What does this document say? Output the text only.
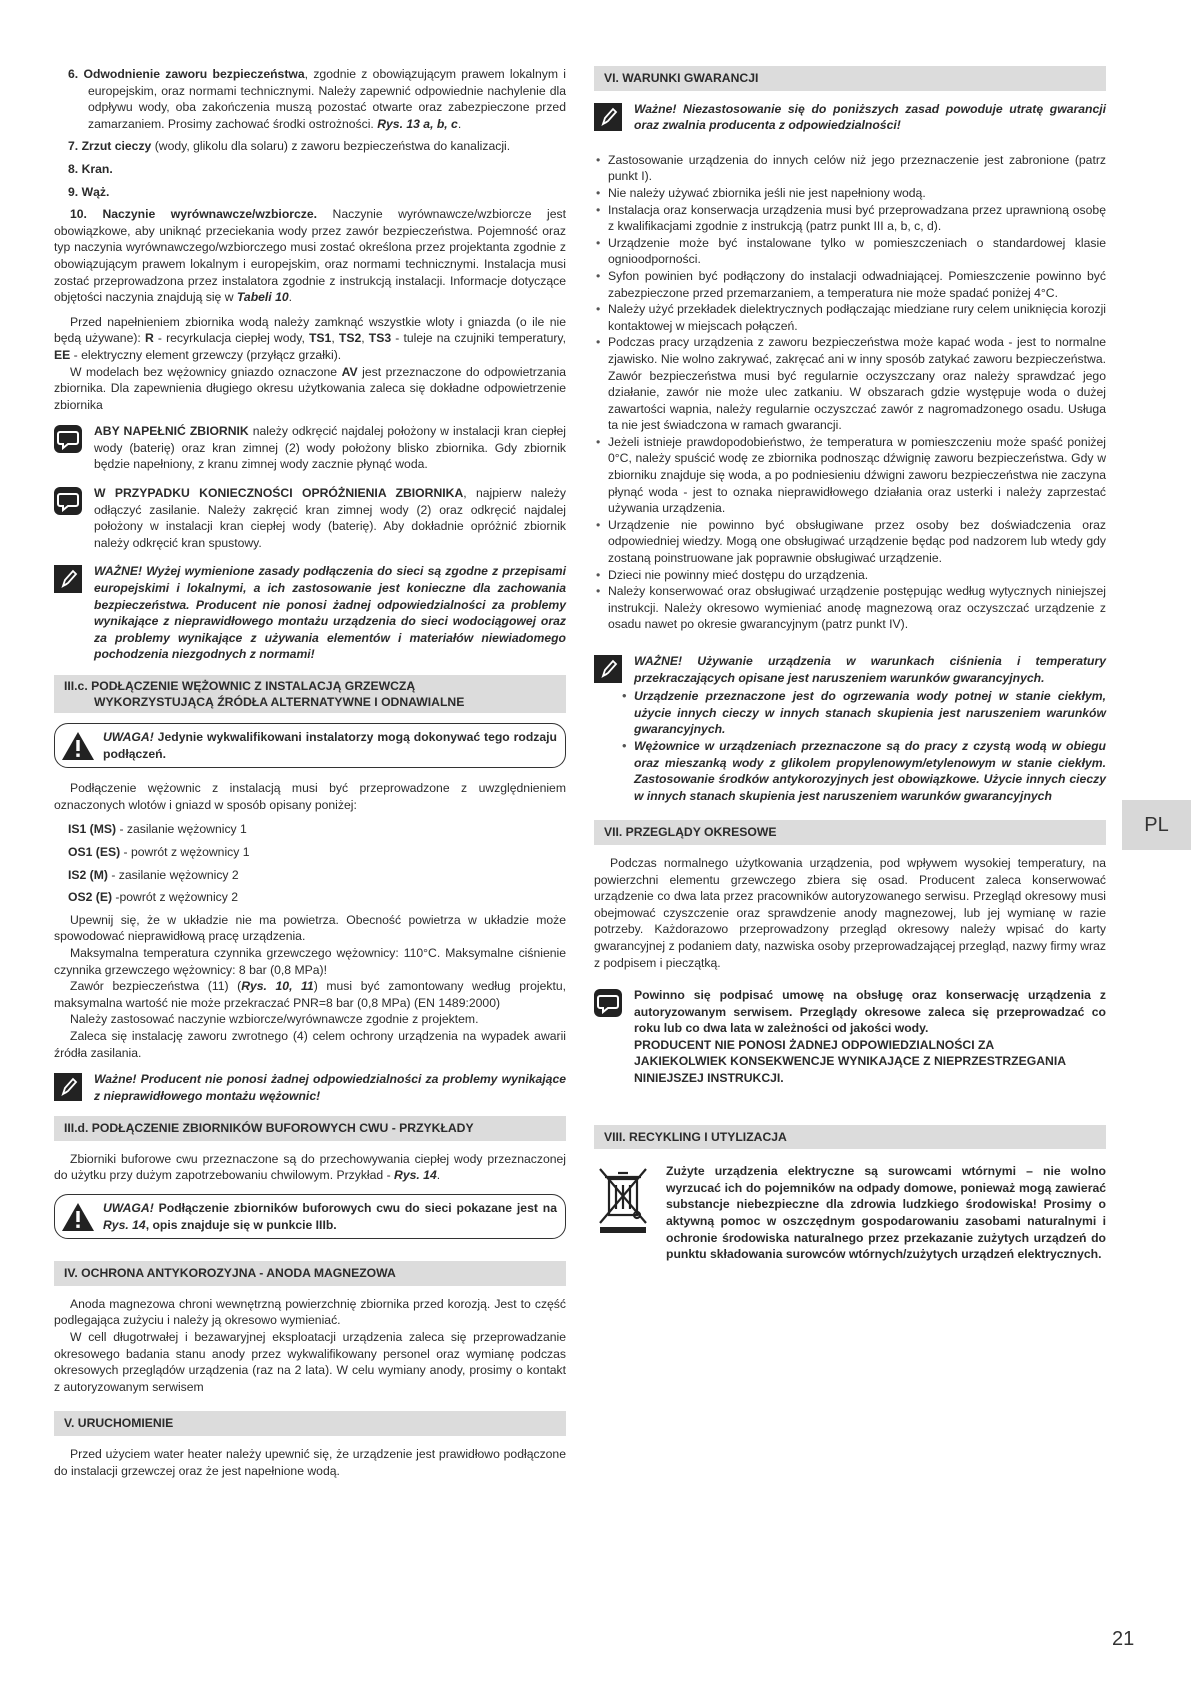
6. Odwodnienie zaworu bezpieczeństwa, zgodnie z obowiązującym prawem lokalnym i europejskim, oraz normami technicznymi. Należy zapewnić odpowiednie nachylenie dla odpływu wody, oba zakończenia muszą pozostać otwarte oraz zabezpieczone przed zamarzaniem. Prosimy zachować środki ostrożności. Rys. 13 a, b, c.

7. Zrzut cieczy (wody, glikolu dla solaru) z zaworu bezpieczeństwa do kanalizacji.

8. Kran.

9. Wąż.

10. Naczynie wyrównawcze/wzbiorcze. Naczynie wyrównawcze/wzbiorcze jest obowiązkowe, aby uniknąć przeciekania wody przez zawór bezpieczeństwa. Pojemność oraz typ naczynia wyrównawczego/wzbiorczego musi zostać określona przez projektanta zgodnie z obowiązującym prawem lokalnym i europejskim, oraz normami technicznymi. Instalacja musi zostać przeprowadzona przez instalatora zgodnie z instrukcją instalacji. Informacje dotyczące objętości naczynia znajdują się w Tabeli 10.

Przed napełnieniem zbiornika wodą należy zamknąć wszystkie wloty i gniazda (o ile nie będą używane): R - recyrkulacja ciepłej wody, TS1, TS2, TS3 - tuleje na czujniki temperatury, EE - elektryczny element grzewczy (przyłącz grzałki).

W modelach bez wężownicy gniazdo oznaczone AV jest przeznaczone do odpowietrzania zbiornika. Dla zapewnienia długiego okresu użytkowania zaleca się dokładne odpowietrzenie zbiornika

ABY NAPEŁNIĆ ZBIORNIK należy odkręcić najdalej położony w instalacji kran ciepłej wody (baterię) oraz kran zimnej (2) wody położony blisko zbiornika. Gdy zbiornik będzie napełniony, z kranu zimnej wody zacznie płynąć woda.

W PRZYPADKU KONIECZNOŚCI OPRÓŻNIENIA ZBIORNIKA, najpierw należy odłączyć zasilanie. Należy zakręcić kran zimnej wody (2) oraz odkręcić najdalej położony w instalacji kran ciepłej wody (baterię). Aby dokładnie opróżnić zbiornik należy odkręcić kran spustowy.

WAŻNE! Wyżej wymienione zasady podłączenia do sieci są zgodne z przepisami europejskimi i lokalnymi, a ich zastosowanie jest konieczne dla zachowania bezpieczeństwa. Producent nie ponosi żadnej odpowiedzialności za problemy wynikające z nieprawidłowego montażu urządzenia do sieci wodociągowej oraz za problemy wynikające z używania elementów i materiałów niewiadomego pochodzenia niezgodnych z normami!

III.c. PODŁĄCZENIE WĘŻOWNIC Z INSTALACJĄ GRZEWCZĄ
WYKORZYSTUJĄCĄ ŹRÓDŁA ALTERNATYWNE I ODNAWIALNE

UWAGA! Jedynie wykwalifikowani instalatorzy mogą dokonywać tego rodzaju podłączeń.

Podłączenie wężownic z instalacją musi być przeprowadzone z uwzględnieniem oznaczonych wlotów i gniazd w sposób opisany poniżej:

IS1 (MS) - zasilanie wężownicy 1

OS1 (ES) - powrót z wężownicy 1

IS2 (M) - zasilanie wężownicy 2

OS2 (E) -powrót z wężownicy 2

Upewnij się, że w układzie nie ma powietrza. Obecność powietrza w układzie może spowodować nieprawidłową pracę urządzenia.

Maksymalna temperatura czynnika grzewczego wężownicy: 110°C. Maksymalne ciśnienie czynnika grzewczego wężownicy: 8 bar (0,8 MPa)!

Zawór bezpieczeństwa (11) (Rys. 10, 11) musi być zamontowany według projektu, maksymalna wartość nie może przekraczać PNR=8 bar (0,8 MPa) (EN 1489:2000)

Należy zastosować naczynie wzbiorcze/wyrównawcze zgodnie z projektem.

Zaleca się instalację zaworu zwrotnego (4) celem ochrony urządzenia na wypadek awarii źródła zasilania.

Ważne! Producent nie ponosi żadnej odpowiedzialności za problemy wynikające z nieprawidłowego montażu wężownic!

III.d. PODŁĄCZENIE ZBIORNIKÓW BUFOROWYCH CWU - PRZYKŁADY

Zbiorniki buforowe cwu przeznaczone są do przechowywania ciepłej wody przeznaczonej do użytku przy dużym zapotrzebowaniu chwilowym. Przykład - Rys. 14.

UWAGA! Podłączenie zbiorników buforowych cwu do sieci pokazane jest na Rys. 14, opis znajduje się w punkcie IIIb.

IV. OCHRONA ANTYKOROZYJNA - ANODA MAGNEZOWA

Anoda magnezowa chroni wewnętrzną powierzchnię zbiornika przed korozją. Jest to część podlegająca zużyciu i należy ją okresowo wymieniać.

W cell długotrwałej i bezawaryjnej eksploatacji urządzenia zaleca się przeprowadzanie okresowego badania stanu anody przez wykwalifikowany personel oraz wymianę podczas okresowych przeglądów urządzenia (raz na 2 lata). W celu wymiany anody, prosimy o kontakt z autoryzowanym serwisem

V. URUCHOMIENIE

Przed użyciem water heater należy upewnić się, że urządzenie jest prawidłowo podłączone do instalacji grzewczej oraz że jest napełnione wodą.

VI. WARUNKI GWARANCJI

Ważne! Niezastosowanie się do poniższych zasad powoduje utratę gwarancji oraz zwalnia producenta z odpowiedzialności!

• Zastosowanie urządzenia do innych celów niż jego przeznaczenie jest zabronione (patrz punkt I).

• Nie należy używać zbiornika jeśli nie jest napełniony wodą.

• Instalacja oraz konserwacja urządzenia musi być przeprowadzana przez uprawnioną osobę z kwalifikacjami zgodnie z instrukcją (patrz punkt III a, b, c, d).

• Urządzenie może być instalowane tylko w pomieszczeniach o standardowej klasie ognioodporności.

• Syfon powinien być podłączony do instalacji odwadniającej. Pomieszczenie powinno być zabezpieczone przed przemarzaniem, a temperatura nie może spadać poniżej 4°C.

• Należy użyć przekładek dielektrycznych podłączając miedziane rury celem uniknięcia korozji kontaktowej w miejscach połączeń.

• Podczas pracy urządzenia z zaworu bezpieczeństwa może kapać woda - jest to normalne zjawisko. Nie wolno zakrywać, zakręcać ani w inny sposób zatykać zaworu bezpieczeństwa. Zawór bezpieczeństwa musi być regularnie oczyszczany oraz należy sprawdzać jego działanie, zawór nie może ulec zatkaniu. W obszarach gdzie występuje woda o dużej zawartości wapnia, należy regularnie oczyszczać zawór z nagromadzonego osadu. Usługa ta nie jest świadczona w ramach gwarancji.

• Jeżeli istnieje prawdopodobieństwo, że temperatura w pomieszczeniu może spaść poniżej 0°C, należy spuścić wodę ze zbiornika podnosząc dźwignię zaworu bezpieczeństwa. Gdy w zbiorniku znajduje się woda, a po podniesieniu dźwigni zaworu bezpieczeństwa nie zaczyna płynąć woda - jest to oznaka nieprawidłowego działania oraz usterki i należy zaprzestać używania urządzenia.

• Urządzenie nie powinno być obsługiwane przez osoby bez doświadczenia oraz odpowiedniej wiedzy. Mogą one obsługiwać urządzenie będąc pod nadzorem lub wtedy gdy zostaną poinstruowane jak poprawnie obsługiwać urządzenie.

• Dzieci nie powinny mieć dostępu do urządzenia.

• Należy konserwować oraz obsługiwać urządzenie postępując według wytycznych niniejszej instrukcji. Należy okresowo wymieniać anodę magnezową oraz oczyszczać urządzenie z osadu nawet po okresie gwarancyjnym (patrz punkt IV).

WAŻNE! Używanie urządzenia w warunkach ciśnienia i temperatury przekraczających opisane jest naruszeniem warunków gwarancyjnych.

• Urządzenie przeznaczone jest do ogrzewania wody potnej w stanie ciekłym, użycie innych cieczy w innych stanach skupienia jest naruszeniem warunków gwarancyjnych.

• Wężownice w urządzeniach przeznaczone są do pracy z czystą wodą w obiegu oraz mieszanką wody z glikolem propylenowym/etylenowym w stanie ciekłym. Zastosowanie środków antykorozyjnych jest obowiązkowe. Użycie innych cieczy w innych stanach skupienia jest naruszeniem warunków gwarancyjnych

VII. PRZEGLĄDY OKRESOWE

Podczas normalnego użytkowania urządzenia, pod wpływem wysokiej temperatury, na powierzchni elementu grzewczego zbiera się osad. Producent zaleca konserwować urządzenie co dwa lata przez pracowników autoryzowanego serwisu. Przegląd okresowy musi obejmować czyszczenie oraz sprawdzenie anody magnezowej, lub jej wymianę w razie potrzeby. Każdorazowo przeprowadzony przegląd okresowy należy wpisać do karty gwarancyjnej z podaniem daty, nazwiska osoby przeprowadzającej przegląd, nazwy firmy wraz z podpisem i pieczątką.

Powinno się podpisać umowę na obsługę oraz konserwację urządzenia z autoryzowanym serwisem. Przeglądy okresowe zaleca się przeprowadzać co roku lub co dwa lata w zależności od jakości wody.

PRODUCENT NIE PONOSI ŻADNEJ ODPOWIEDZIALNOŚCI ZA JAKIEKOLWIEK KONSEKWENCJE WYNIKAJĄCE Z NIEPRZESTRZEGANIA NINIEJSZEJ INSTRUKCJI.

VIII. RECYKLING I UTYLIZACJA

Zużyte urządzenia elektryczne są surowcami wtórnymi – nie wolno wyrzucać ich do pojemników na odpady domowe, ponieważ mogą zawierać substancje niebezpieczne dla zdrowia ludzkiego środowiska! Prosimy o aktywną pomoc w oszczędnym gospodarowaniu zasobami naturalnymi i ochronie środowiska naturalnego przez przekazanie zużytych urządzeń do punktu składowania surowców wtórnych/zużytych urządzeń elektrycznych.

PL
21
